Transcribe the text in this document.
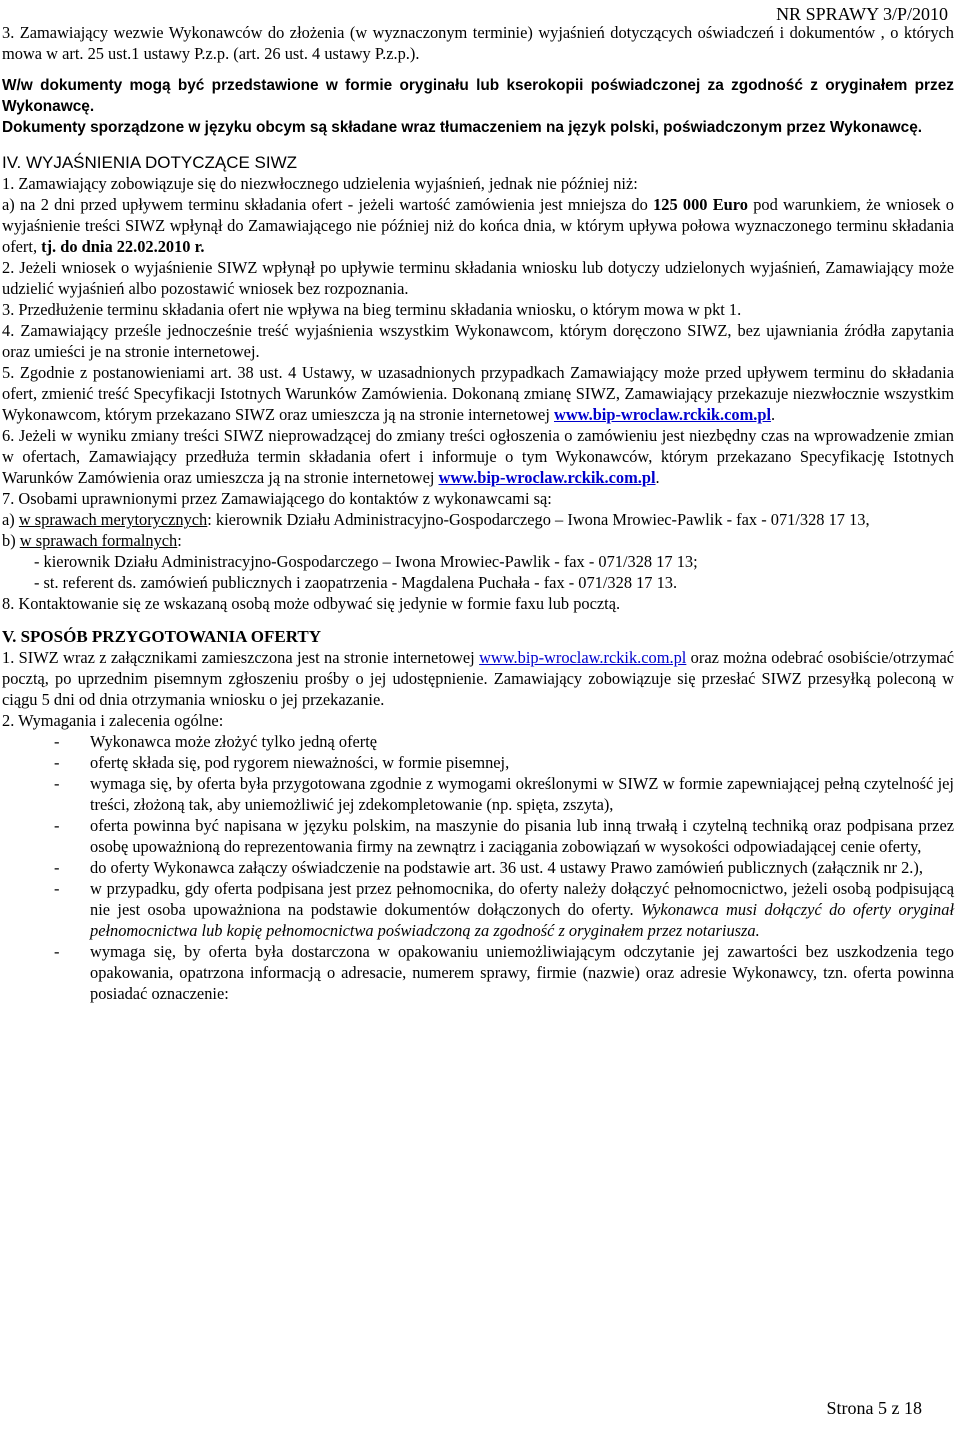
NR SPRAWY 3/P/2010

3. Zamawiający wezwie Wykonawców do złożenia (w wyznaczonym terminie) wyjaśnień dotyczących oświadczeń i dokumentów , o których mowa w art. 25 ust.1 ustawy P.z.p. (art. 26 ust. 4 ustawy P.z.p.).

W/w dokumenty mogą być przedstawione w formie oryginału lub kserokopii poświadczonej za zgodność z oryginałem przez Wykonawcę.

Dokumenty sporządzone w języku obcym są składane wraz tłumaczeniem na język polski, poświadczonym przez Wykonawcę.

IV. WYJAŚNIENIA DOTYCZĄCE SIWZ

1. Zamawiający zobowiązuje się do niezwłocznego udzielenia wyjaśnień, jednak nie później niż:

a) na 2 dni przed upływem terminu składania ofert - jeżeli wartość zamówienia jest mniejsza do 125 000 Euro pod warunkiem, że wniosek o wyjaśnienie treści SIWZ wpłynął do Zamawiającego nie później niż do końca dnia, w którym upływa połowa wyznaczonego terminu składania ofert, tj. do dnia 22.02.2010 r.

2. Jeżeli wniosek o wyjaśnienie SIWZ wpłynął po upływie terminu składania wniosku lub dotyczy udzielonych wyjaśnień, Zamawiający może udzielić wyjaśnień albo pozostawić wniosek bez rozpoznania.

3. Przedłużenie terminu składania ofert nie wpływa na bieg terminu składania wniosku, o którym mowa w pkt 1.

4. Zamawiający prześle jednocześnie treść wyjaśnienia wszystkim Wykonawcom, którym doręczono SIWZ, bez ujawniania źródła zapytania oraz umieści je na stronie internetowej.

5. Zgodnie z postanowieniami art. 38 ust. 4 Ustawy, w uzasadnionych przypadkach Zamawiający może przed upływem terminu do składania ofert, zmienić treść Specyfikacji Istotnych Warunków Zamówienia. Dokonaną zmianę SIWZ, Zamawiający przekazuje niezwłocznie wszystkim Wykonawcom, którym przekazano SIWZ oraz umieszcza ją na stronie internetowej www.bip-wroclaw.rckik.com.pl.

6. Jeżeli w wyniku zmiany treści SIWZ nieprowadzącej do zmiany treści ogłoszenia o zamówieniu jest niezbędny czas na wprowadzenie zmian w ofertach, Zamawiający przedłuża termin składania ofert i informuje o tym Wykonawców, którym przekazano Specyfikację Istotnych Warunków Zamówienia oraz umieszcza ją na stronie internetowej www.bip-wroclaw.rckik.com.pl.

7. Osobami uprawnionymi przez Zamawiającego do kontaktów z wykonawcami są:

a) w sprawach merytorycznych: kierownik Działu Administracyjno-Gospodarczego – Iwona Mrowiec-Pawlik - fax - 071/328 17 13,

b) w sprawach formalnych:

- kierownik Działu Administracyjno-Gospodarczego – Iwona Mrowiec-Pawlik - fax - 071/328 17 13;

- st. referent ds. zamówień publicznych i zaopatrzenia - Magdalena Puchała - fax - 071/328 17 13.

8. Kontaktowanie się ze wskazaną osobą może odbywać się jedynie w formie faxu lub pocztą.

V. SPOSÓB PRZYGOTOWANIA OFERTY

1. SIWZ wraz z załącznikami zamieszczona jest na stronie internetowej www.bip-wroclaw.rckik.com.pl oraz można odebrać osobiście/otrzymać pocztą, po uprzednim pisemnym zgłoszeniu prośby o jej udostępnienie. Zamawiający zobowiązuje się przesłać SIWZ przesyłką poleconą w ciągu 5 dni od dnia otrzymania wniosku o jej przekazanie.

2. Wymagania i zalecenia ogólne:

-	Wykonawca może złożyć tylko jedną ofertę
-	ofertę składa się, pod rygorem nieważności, w formie pisemnej,
-	wymaga się, by oferta była przygotowana zgodnie z wymogami określonymi w SIWZ w formie zapewniającej pełną czytelność jej treści, złożoną tak, aby uniemożliwić jej zdekompletowanie (np. spięta, zszyta),
-	oferta powinna być napisana w języku polskim, na maszynie do pisania lub inną trwałą i czytelną techniką oraz podpisana przez osobę upoważnioną do reprezentowania firmy na zewnątrz i zaciągania zobowiązań w wysokości odpowiadającej cenie oferty,
-	do oferty Wykonawca załączy oświadczenie na podstawie art. 36 ust. 4 ustawy Prawo zamówień publicznych (załącznik nr 2.),
-	w przypadku, gdy oferta podpisana jest przez pełnomocnika, do oferty należy dołączyć pełnomocnictwo, jeżeli osobą podpisującą nie jest osoba upoważniona na podstawie dokumentów dołączonych do oferty. Wykonawca musi dołączyć do oferty oryginał pełnomocnictwa lub kopię pełnomocnictwa poświadczoną za zgodność z oryginałem przez notariusza.
-	wymaga się, by oferta była dostarczona w opakowaniu uniemożliwiającym odczytanie jej zawartości bez uszkodzenia tego opakowania, opatrzona informacją o adresacie, numerem sprawy, firmie (nazwie) oraz adresie Wykonawcy, tzn. oferta powinna posiadać oznaczenie:
Strona 5 z 18
